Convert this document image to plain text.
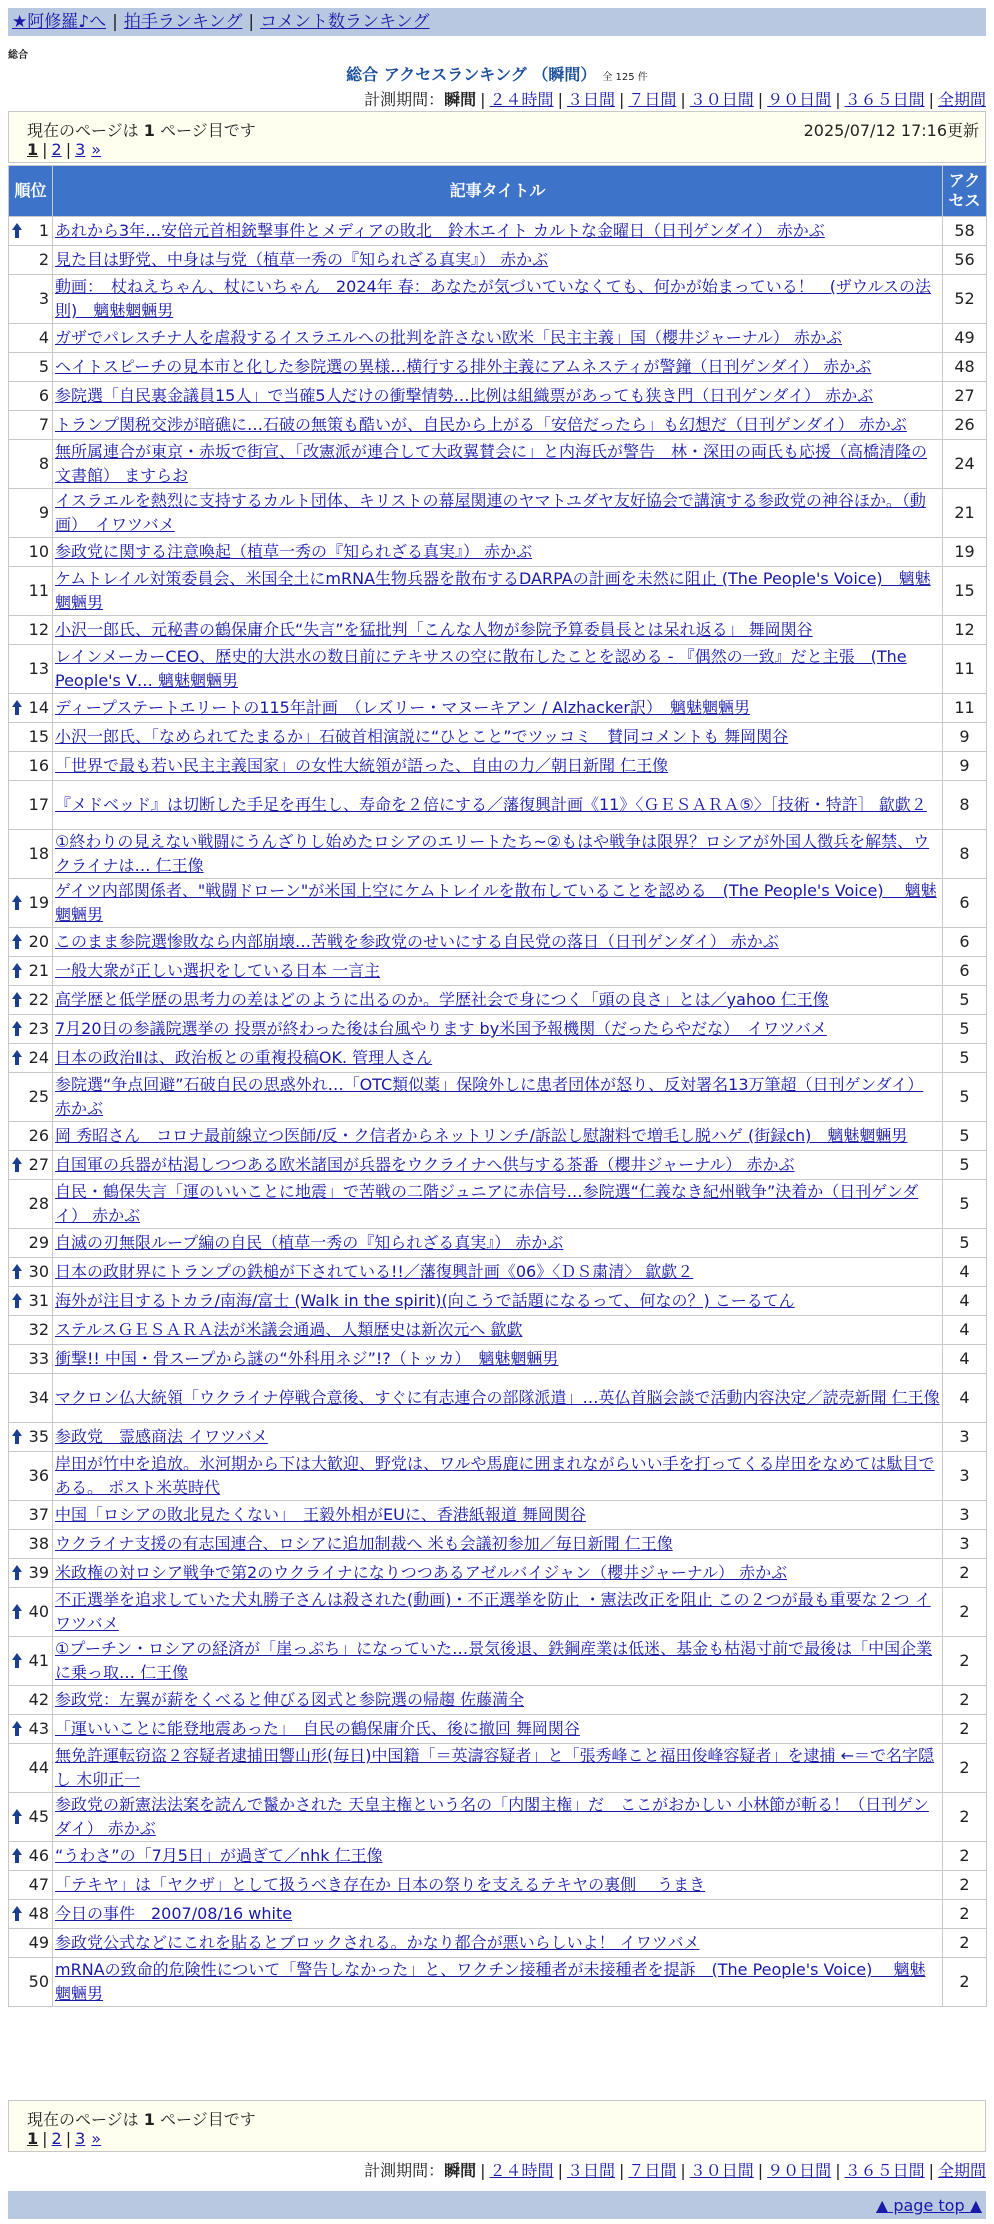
★阿修羅♪へ | 拍手ランキング | コメント数ランキング
総合
総合 アクセスランキング （瞬間） 全 125 件
計測期間：瞬間 | ２４時間 | ３日間 | ７日間 | ３０日間 | ９０日間 | ３６５日間 | 全期間
現在のページは 1 ページ目です	2025/07/12 17:16更新
1 | 2 | 3 »
順位	記事タイトル	アクセス

1	あれから3年…安倍元首相銃撃事件とメディアの敗北　鈴木エイト カルトな金曜日（日刊ゲンダイ） 赤かぶ	58
2	見た目は野党、中身は与党（植草一秀の『知られざる真実』） 赤かぶ	56
3	動画：　杖ねえちゃん、杖にいちゃん　2024年 春：あなたが気づいていなくても、何かが始まっている！　(ザウルスの法則)　魑魅魍魎男	52
4	ガザでパレスチナ人を虐殺するイスラエルへの批判を許さない欧米「民主主義」国（櫻井ジャーナル） 赤かぶ	49
5	ヘイトスピーチの見本市と化した参院選の異様…横行する排外主義にアムネスティが警鐘（日刊ゲンダイ） 赤かぶ	48
6	参院選「自民裏金議員15人」で当確5人だけの衝撃情勢…比例は組織票があっても狭き門（日刊ゲンダイ） 赤かぶ	27
7	トランプ関税交渉が暗礁に…石破の無策も酷いが、自民から上がる「安倍だったら」も幻想だ（日刊ゲンダイ） 赤かぶ	26
8	無所属連合が東京・赤坂で街宣、「改憲派が連合して大政翼賛会に」と内海氏が警告　林・深田の両氏も応援（高橋清隆の文書館） ますらお	24
9	イスラエルを熱烈に支持するカルト団体、キリストの幕屋関連のヤマトユダヤ友好協会で講演する参政党の神谷ほか。（動画）　イワツバメ	21
10	参政党に関する注意喚起（植草一秀の『知られざる真実』） 赤かぶ	19
11	ケムトレイル対策委員会、米国全土にmRNA生物兵器を散布するDARPAの計画を未然に阻止 (The People's Voice)　魑魅魍魎男	15
12	小沢一郎氏、元秘書の鶴保庸介氏“失言”を猛批判「こんな人物が参院予算委員長とは呆れ返る」 舞岡関谷	12
13	レインメーカーCEO、歴史的大洪水の数日前にテキサスの空に散布したことを認める - 『偶然の一致』だと主張　(The People's V… 魑魅魍魎男	11

14	ディープステートエリートの115年計画　（レズリー・マヌーキアン / Alzhacker訳）　魑魅魍魎男	11
15	小沢一郎氏、「なめられてたまるか」石破首相演説に“ひとこと”でツッコミ　賛同コメントも 舞岡関谷	9
16	「世界で最も若い民主主義国家」の女性大統領が語った、自由の力／朝日新聞 仁王像	9
17	『メドベッド』は切断した手足を再生し、寿命を２倍にする／藩復興計画《11》〈ＧＥＳＡＲＡ⑤〉［技術・特許］ 歙歔２	8
18	①終わりの見えない戦闘にうんざりし始めたロシアのエリートたち~②もはや戦争は限界？ロシアが外国人徴兵を解禁、ウクライナは… 仁王像	8

19	ゲイツ内部関係者、"戦闘ドローン"が米国上空にケムトレイルを散布していることを認める　(The People's Voice)　 魑魅魍魎男	6

20	このまま参院選惨敗なら内部崩壊…苦戦を参政党のせいにする自民党の落日（日刊ゲンダイ） 赤かぶ	6

21	一般大衆が正しい選択をしている日本 一言主	6

22	高学歴と低学歴の思考力の差はどのように出るのか。学歴社会で身につく「頭の良さ」とは／yahoo 仁王像	5

23	7月20日の参議院選挙の 投票が終わった後は台風やります by米国予報機関（だったらやだな）　イワツバメ	5

24	日本の政治Ⅱは、政治板との重複投稿OK. 管理人さん	5
25	参院選“争点回避”石破自民の思惑外れ…「OTC類似薬」保険外しに患者団体が怒り、反対署名13万筆超（日刊ゲンダイ） 赤かぶ	5
26	岡 秀昭さん　コロナ最前線立つ医師/反・ク信者からネットリンチ/訴訟し慰謝料で増毛し脱ハゲ (街録ch)　魑魅魍魎男	5

27	自国軍の兵器が枯渇しつつある欧米諸国が兵器をウクライナへ供与する茶番（櫻井ジャーナル） 赤かぶ	5
28	自民・鶴保失言「運のいいことに地震」で苦戦の二階ジュニアに赤信号…参院選“仁義なき紀州戦争”決着か（日刊ゲンダイ） 赤かぶ	5
29	自滅の刃無限ループ編の自民（植草一秀の『知られざる真実』） 赤かぶ	5

30	日本の政財界にトランプの鉄槌が下されている!!／藩復興計画《06》〈ＤＳ粛清〉 歙歔２	4

31	海外が注目するトカラ/南海/富士 (Walk in the spirit)(向こうで話題になるって、何なの？) こーるてん	4
32	ステルスＧＥＳＡＲＡ法が米議会通過、人類歴史は新次元へ 歙歔	4
33	衝撃!! 中国・骨スープから謎の“外科用ネジ”!?（トッカ）　魑魅魍魎男	4
34	マクロン仏大統領「ウクライナ停戦合意後、すぐに有志連合の部隊派遣」…英仏首脳会談で活動内容決定／読売新聞 仁王像	4

35	参政党　霊感商法 イワツバメ	3
36	岸田が竹中を追放。氷河期から下は大歓迎、野党は、ワルや馬鹿に囲まれながらいい手を打ってくる岸田をなめては駄目である。 ポスト米英時代	3
37	中国「ロシアの敗北見たくない」　王毅外相がEUに、香港紙報道 舞岡関谷	3
38	ウクライナ支援の有志国連合、ロシアに追加制裁へ 米も会議初参加／毎日新聞 仁王像	3

39	米政権の対ロシア戦争で第2のウクライナになりつつあるアゼルバイジャン（櫻井ジャーナル） 赤かぶ	2

40	不正選挙を追求していた犬丸勝子さんは殺された(動画)・不正選挙を防止 ・憲法改正を阻止 この２つが最も重要な２つ イワツバメ	2

41	①プーチン・ロシアの経済が「崖っぷち」になっていた…景気後退、鉄鋼産業は低迷、基金も枯渇寸前で最後は「中国企業に乗っ取… 仁王像	2
42	参政党：左翼が薪をくべると伸びる図式と参院選の帰趨 佐藤満全	2

43	「運いいことに能登地震あった」　自民の鶴保庸介氏、後に撤回 舞岡関谷	2
44	無免許運転窃盗２容疑者逮捕田響山形(毎日)中国籍「＝英濤容疑者」と「張秀峰こと福田俊峰容疑者」を逮捕 ←＝で名字隠し 木卯正一	2

45	参政党の新憲法法案を読んで鬣かされた 天皇主権という名の「内閣主権」だ　ここがおかしい 小林節が斬る！（日刊ゲンダイ） 赤かぶ	2

46	“うわさ”の「7月5日」が過ぎて／nhk 仁王像	2
47	「テキヤ」は「ヤクザ」として扱うべき存在か 日本の祭りを支えるテキヤの裏側　 うまき	2

48	今日の事件　2007/08/16 white	2
49	参政党公式などにこれを貼るとブロックされる。かなり都合が悪いらしいよ！ イワツバメ	2
50	mRNAの致命的危険性について「警告しなかった」と、ワクチン接種者が未接種者を提訴　(The People's Voice)　 魑魅魍魎男	2
現在のページは 1 ページ目です
1 | 2 | 3 »
計測期間：瞬間 | ２４時間 | ３日間 | ７日間 | ３０日間 | ９０日間 | ３６５日間 | 全期間
▲ page top ▲
